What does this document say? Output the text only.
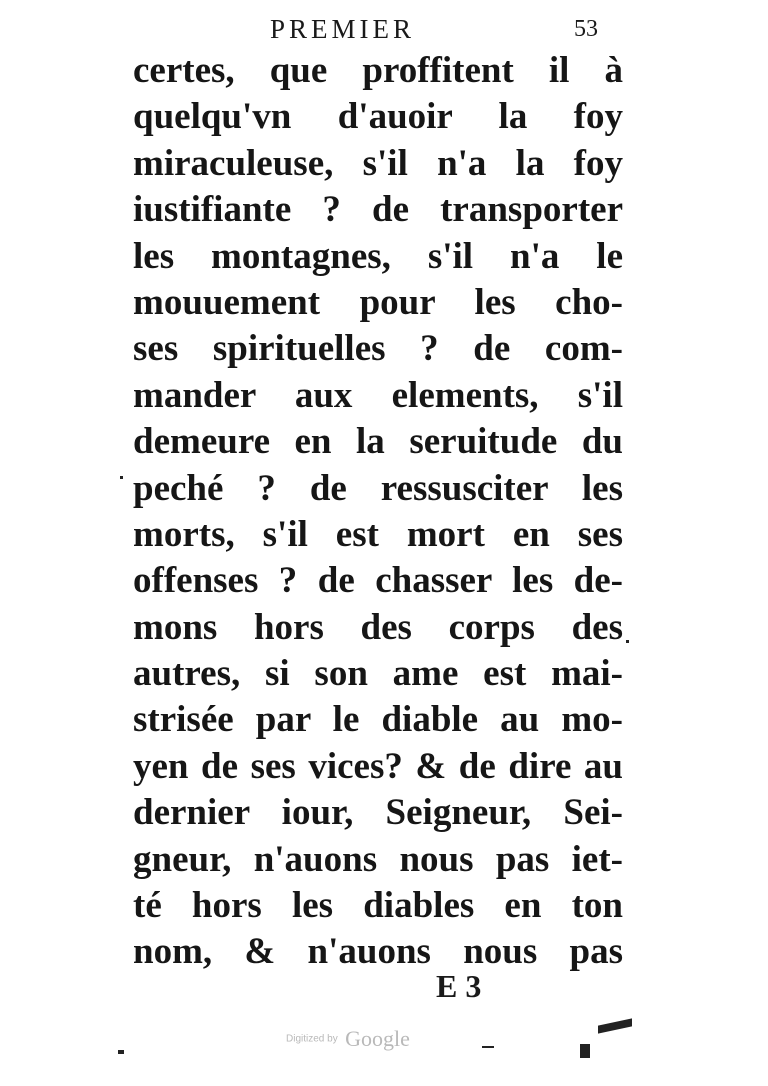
PREMIER	53
certes, que proffitent il à
quelqu'vn d'auoir la foy
miraculeuse, s'il n'a la foy
iustifiante ? de transporter
les montagnes, s'il n'a le
mouuement pour les cho-
ses spirituelles ? de com-
mander aux elements, s'il
demeure en la seruitude du
peché ? de ressusciter les
morts, s'il est mort en ses
offenses ? de chasser les de-
mons hors des corps des
autres, si son ame est mai-
strisée par le diable au mo-
yen de ses vices? & de dire au
dernier iour, Seigneur, Sei-
gneur, n'auons nous pas iet-
té hors les diables en ton
nom, & n'auons nous pas
E 3
Digitized by Google
